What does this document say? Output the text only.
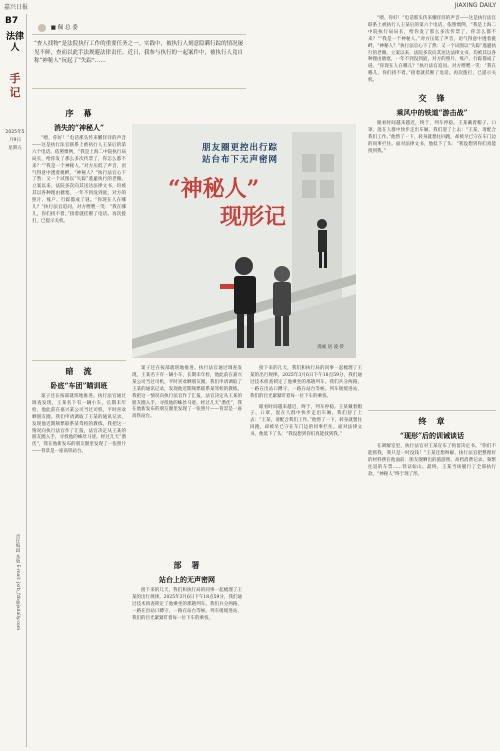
嘉兴日报	JIAXING DAILY
B7
法律人
手
记
2025年5月9日
星期五
责任编辑 本版 E-mail: jxrb_fzb@jxdaily.com
■ 佩 总 委
“查人找物”是法院执行工作的重要任务之一。实践中，被执行人刻意隐瞒行踪的情况屡见不鲜，查而以此手法规避法律责任。近日，我参与执行的一起案件中，被执行人竟自称“神秘人”玩起了“失踪”……
序　幕
消失的“神秘人”

“喂，你好！”电话那头传来懒洋洋的声音——这是执行法官联系上被执行人王某后的第六个电话。依照惯例，“我是上海二中院执行局局长，给你发了那么多次传票了，你怎么都不来？”“我是一个神秘人。”对方压低了声音，语气得意中透着挑衅。“神秘人？”执行法官心下了然：又一个试图以“失踪”逃避执行的老赖。立案以来，法院多次向其送达法律文书，均被其以各种理由搪塞，一年不到没到庭，对方的照片、账户、行踪都成了谜。“你现在人在哪儿？”执行法官追问。对方嘿嘿一笑：“我在哪儿，你们找不着。”接着就挂断了电话。再次拨打，已提示关机。

暗　流
卧底“车团”瞄训班

案子还在按部就班地推进。执行法官通过调查发现，王某名下有一辆小车，长期未年检，他此前在嘉兴某公司当过司机，平时喜欢晒朋友圈。我们申请调取了王某的通讯记录，发现他近期频繁联系某驾校的教练。我把这一情况向执行法官作了汇报，法官决定从王某的朋友圈入手，寻找他的蛛丝马迹。经过几天“潜伏”，我在他新发布的朋友圈里发现了一张照片——背景是一座高铁站台。

朋友圈更控出行踪
站台布下无声密网
“神秘人”
现形记
漫画 居 凌 侨

案子还在按部就班地推进。执行法官通过调查发现，王某名下有一辆小车，长期未年检，他此前在嘉兴某公司当过司机，平时喜欢晒朋友圈。我们申请调取了王某的通讯记录，发现他近期频繁联系某驾校的教练。我把这一情况向执行法官作了汇报，法官决定从王某的朋友圈入手，寻找他的蛛丝马迹。经过几天“潜伏”，我在他新发布的朋友圈里发现了一张照片——背景是一座高铁站台。

部　署
站台上的无声密网

接下来的几天，我们和执行局的同事一起梳理了王某的出行规律。2025年3月6日下午18点59分，我们通过技术侦查锁定了他乘坐的那趟列车。我们兵分两路，一路在出站口蹲守，一路在站台等候。列车缓缓进站，我们的目光紧紧盯着每一位下车的乘客。

接下来的几天，我们和执行局的同事一起梳理了王某的出行规律。2025年3月6日下午18点59分，我们通过技术侦查锁定了他乘坐的那趟列车。我们兵分两路，一路在出站口蹲守，一路在站台等候。列车缓缓进站，我们的目光紧紧盯着每一位下车的乘客。

眼看时间越来越近，终于，列车停稳。王某戴着帽子、口罩，混在人群中快步走出车厢。我们迎了上去：“王某，请配合我们工作。”他愣了一下，转身就想往回跑，却被早已守在车门边的同事拦住。面对法律文书，他低下了头：“我没想到你们真能找到我。”

“喂，你好！”电话那头传来懒洋洋的声音——这是执行法官联系上被执行人王某后的第六个电话。依照惯例，“我是上海二中院执行局局长，给你发了那么多次传票了，你怎么都不来？”“我是一个神秘人。”对方压低了声音，语气得意中透着挑衅。“神秘人？”执行法官心下了然：又一个试图以“失踪”逃避执行的老赖。立案以来，法院多次向其送达法律文书，均被其以各种理由搪塞，一年不到没到庭，对方的照片、账户、行踪都成了谜。“你现在人在哪儿？”执行法官追问。对方嘿嘿一笑：“我在哪儿，你们找不着。”接着就挂断了电话。再次拨打，已提示关机。

交　锋
乘风中的铁道“游击战”

眼看时间越来越近，终于，列车停稳。王某戴着帽子、口罩，混在人群中快步走出车厢。我们迎了上去：“王某，请配合我们工作。”他愣了一下，转身就想往回跑，却被早已守在车门边的同事拦住。面对法律文书，他低下了头：“我没想到你们真能找到我。”

终　章
“现形”后的训诫谈话

在调解室里，执行法官对王某宣布了拘留决定书。“你们不能抓我，我只是一时没钱！”王某还想辩解。执行法官把整理好的材料摆在他面前：朋友圈晒出的旅游照、高档消费记录、频繁往返的车票……铁证如山。最终，王某当场履行了全部执行款，“神秘人”终于现了形。
